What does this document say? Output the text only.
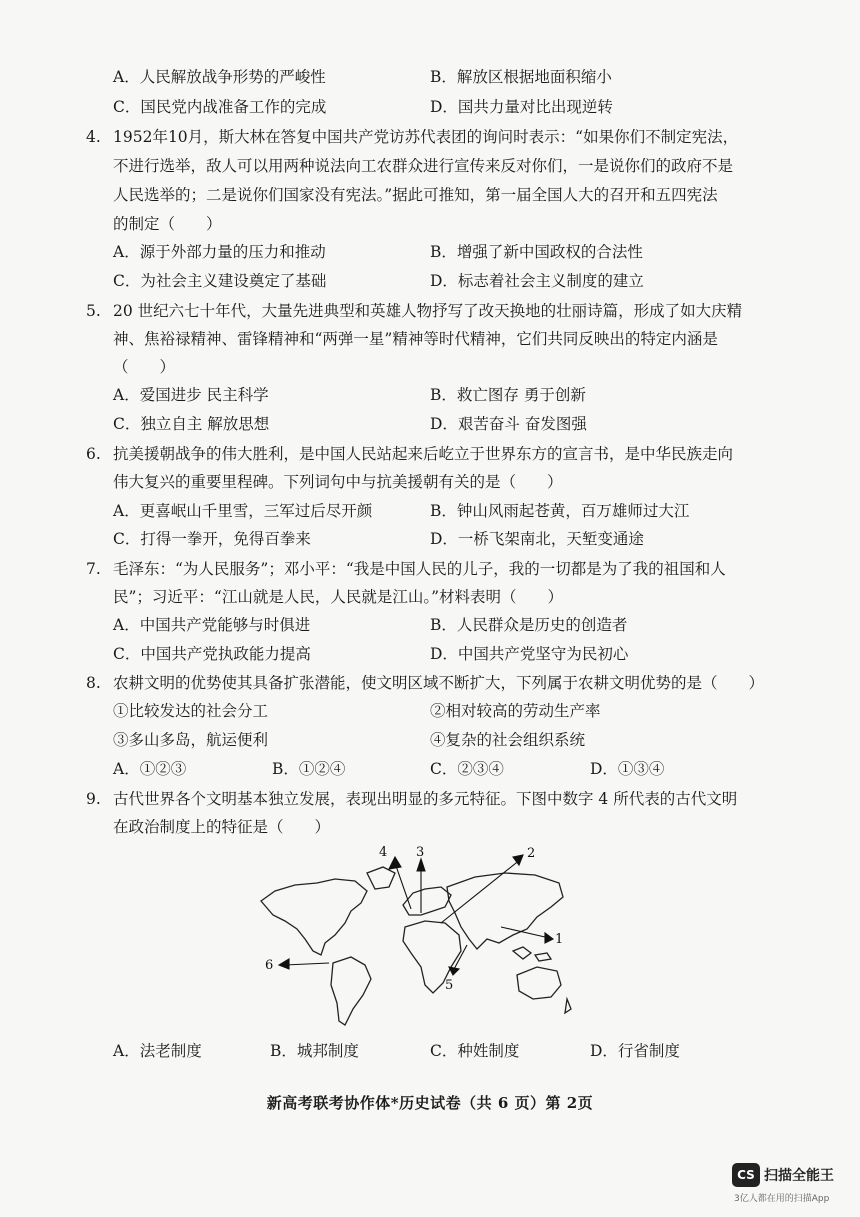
A．人民解放战争形势的严峻性	B．解放区根据地面积缩小
C．国民党内战准备工作的完成	D．国共力量对比出现逆转
4. 1952年10月，斯大林在答复中国共产党访苏代表团的询问时表示：“如果你们不制定宪法，
不进行选举，敌人可以用两种说法向工农群众进行宣传来反对你们，一是说你们的政府不是
人民选举的；二是说你们国家没有宪法。”据此可推知，第一届全国人大的召开和五四宪法
的制定（　　）
A．源于外部力量的压力和推动	B．增强了新中国政权的合法性
C．为社会主义建设奠定了基础	D．标志着社会主义制度的建立
5. 20 世纪六七十年代，大量先进典型和英雄人物抒写了改天换地的壮丽诗篇，形成了如大庆精
神、焦裕禄精神、雷锋精神和“两弹一星”精神等时代精神，它们共同反映出的特定内涵是
（　　）
A．爱国进步 民主科学	B．救亡图存 勇于创新
C．独立自主 解放思想	D．艰苦奋斗 奋发图强
6. 抗美援朝战争的伟大胜利，是中国人民站起来后屹立于世界东方的宣言书，是中华民族走向
伟大复兴的重要里程碑。下列词句中与抗美援朝有关的是（　　）
A．更喜岷山千里雪，三军过后尽开颜	B．钟山风雨起苍黄，百万雄师过大江
C．打得一拳开，免得百拳来	D．一桥飞架南北，天堑变通途
7. 毛泽东：“为人民服务”；邓小平：“我是中国人民的儿子，我的一切都是为了我的祖国和人
民”；习近平：“江山就是人民，人民就是江山。”材料表明（　　）
A．中国共产党能够与时俱进	B．人民群众是历史的创造者
C．中国共产党执政能力提高	D．中国共产党坚守为民初心
8. 农耕文明的优势使其具备扩张潜能，使文明区域不断扩大，下列属于农耕文明优势的是（　　）
①比较发达的社会分工	②相对较高的劳动生产率
③多山多岛，航运便利	④复杂的社会组织系统
A．①②③	B．①②④	C．②③④	D．①③④
9. 古代世界各个文明基本独立发展，表现出明显的多元特征。下图中数字 4 所代表的古代文明
在政治制度上的特征是（　　）
1
2
3
4
5
6
A．法老制度	B．城邦制度	C．种姓制度	D．行省制度
新高考联考协作体*历史试卷（共 6 页）第 2页
CS 扫描全能王
3亿人都在用的扫描App
